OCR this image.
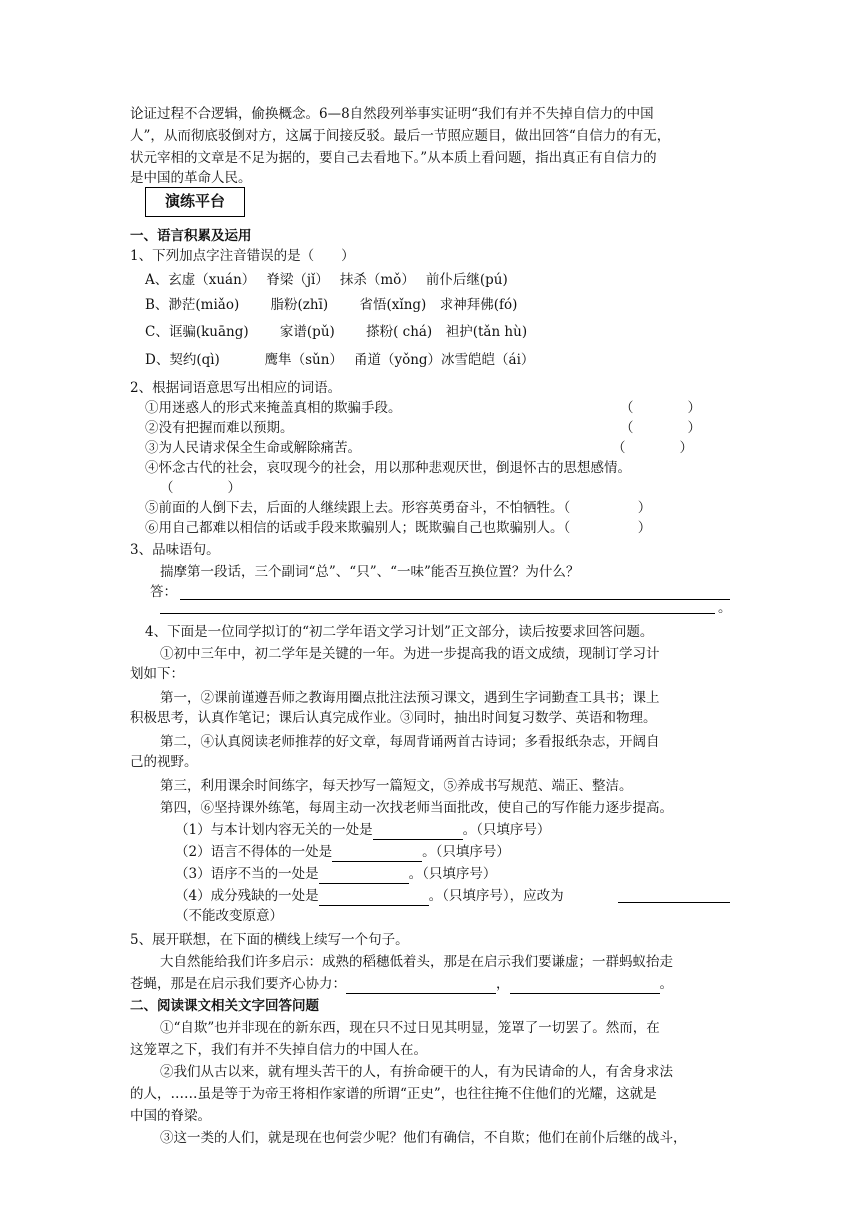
论证过程不合逻辑，偷换概念。6—8自然段列举事实证明“我们有并不失掉自信力的中国
人”，从而彻底驳倒对方，这属于间接反驳。最后一节照应题目，做出回答“自信力的有无，
状元宰相的文章是不足为据的，要自己去看地下。”从本质上看问题，指出真正有自信力的
是中国的革命人民。
演练平台
一、语言积累及运用
1、下列加点字注音错误的是（　　）
A、玄虚（xuán）　 脊梁（jǐ）　 抹杀（mǒ）　 前仆后继(pú)
B、渺茫(miǎo)　　 脂粉(zhī)　　 省悟(xǐng)　求神拜佛(fó)
C、诓骗(kuāng)　　 家谱(pǔ)　　 搽粉( chá)　袒护(tǎn hù)
D、契约(qì)　　　 鹰隼（sǔn）　 甬道（yǒng）冰雪皑皑（ái）
2、根据词语意思写出相应的词语。
①用迷惑人的形式来掩盖真相的欺骗手段。	（　　　　）
②没有把握而难以预期。	（　　　　）
③为人民请求保全生命或解除痛苦。	（　　　　）
④怀念古代的社会，哀叹现今的社会，用以那种悲观厌世，倒退怀古的思想感情。
（　　　　）
⑤前面的人倒下去，后面的人继续跟上去。形容英勇奋斗，不怕牺牲。（　　　　　）
⑥用自己都难以相信的话或手段来欺骗别人；既欺骗自己也欺骗别人。（　　　　　）
3、品味语句。
揣摩第一段话，三个副词“总”、“只”、“一味”能否互换位置？为什么？
答：
。
4、下面是一位同学拟订的“初二学年语文学习计划”正文部分，读后按要求回答问题。
①初中三年中，初二学年是关键的一年。为进一步提高我的语文成绩，现制订学习计
划如下：
第一，②课前谨遵吾师之教诲用圈点批注法预习课文，遇到生字词勤查工具书；课上
积极思考，认真作笔记；课后认真完成作业。③同时，抽出时间复习数学、英语和物理。
第二，④认真阅读老师推荐的好文章，每周背诵两首古诗词；多看报纸杂志，开阔自
己的视野。
第三，利用课余时间练字，每天抄写一篇短文，⑤养成书写规范、端正、整洁。
第四，⑥坚持课外练笔，每周主动一次找老师当面批改，使自己的写作能力逐步提高。
（1）与本计划内容无关的一处是	。（只填序号）
（2）语言不得体的一处是	。（只填序号）
（3）语序不当的一处是	。（只填序号）
（4）成分残缺的一处是	。（只填序号），应改为
（不能改变原意）
5、展开联想，在下面的横线上续写一个句子。
大自然能给我们许多启示：成熟的稻穗低着头，那是在启示我们要谦虚；一群蚂蚁抬走
苍蝇，那是在启示我们要齐心协力：	，	。
二、阅读课文相关文字回答问题
①“自欺”也并非现在的新东西，现在只不过日见其明显，笼罩了一切罢了。然而，在
这笼罩之下，我们有并不失掉自信力的中国人在。
②我们从古以来，就有埋头苦干的人，有拚命硬干的人，有为民请命的人，有舍身求法
的人，……虽是等于为帝王将相作家谱的所谓“正史”，也往往掩不住他们的光耀，这就是
中国的脊梁。
③这一类的人们，就是现在也何尝少呢？他们有确信，不自欺；他们在前仆后继的战斗，
